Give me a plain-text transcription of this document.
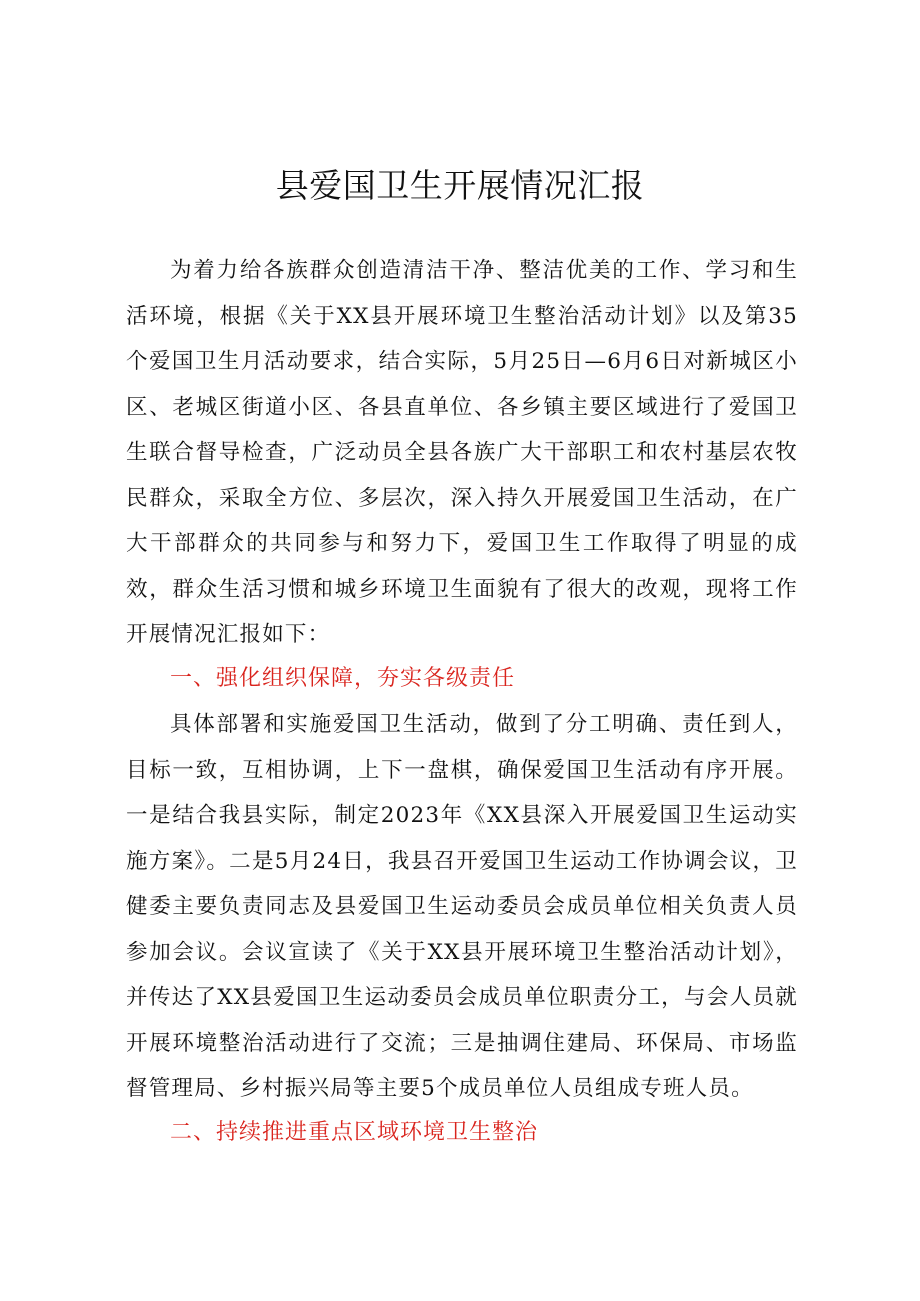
县爱国卫生开展情况汇报
为着力给各族群众创造清洁干净、整洁优美的工作、学习和生活环境，根据《关于XX县开展环境卫生整治活动计划》以及第35个爱国卫生月活动要求，结合实际，5月25日—6月6日对新城区小区、老城区街道小区、各县直单位、各乡镇主要区域进行了爱国卫生联合督导检查，广泛动员全县各族广大干部职工和农村基层农牧民群众，采取全方位、多层次，深入持久开展爱国卫生活动，在广大干部群众的共同参与和努力下，爱国卫生工作取得了明显的成效，群众生活习惯和城乡环境卫生面貌有了很大的改观，现将工作开展情况汇报如下：
一、强化组织保障，夯实各级责任
具体部署和实施爱国卫生活动，做到了分工明确、责任到人，目标一致，互相协调，上下一盘棋，确保爱国卫生活动有序开展。一是结合我县实际，制定2023年《XX县深入开展爱国卫生运动实施方案》。二是5月24日，我县召开爱国卫生运动工作协调会议，卫健委主要负责同志及县爱国卫生运动委员会成员单位相关负责人员参加会议。会议宣读了《关于XX县开展环境卫生整治活动计划》，并传达了XX县爱国卫生运动委员会成员单位职责分工，与会人员就开展环境整治活动进行了交流；三是抽调住建局、环保局、市场监督管理局、乡村振兴局等主要5个成员单位人员组成专班人员。
二、持续推进重点区域环境卫生整治
